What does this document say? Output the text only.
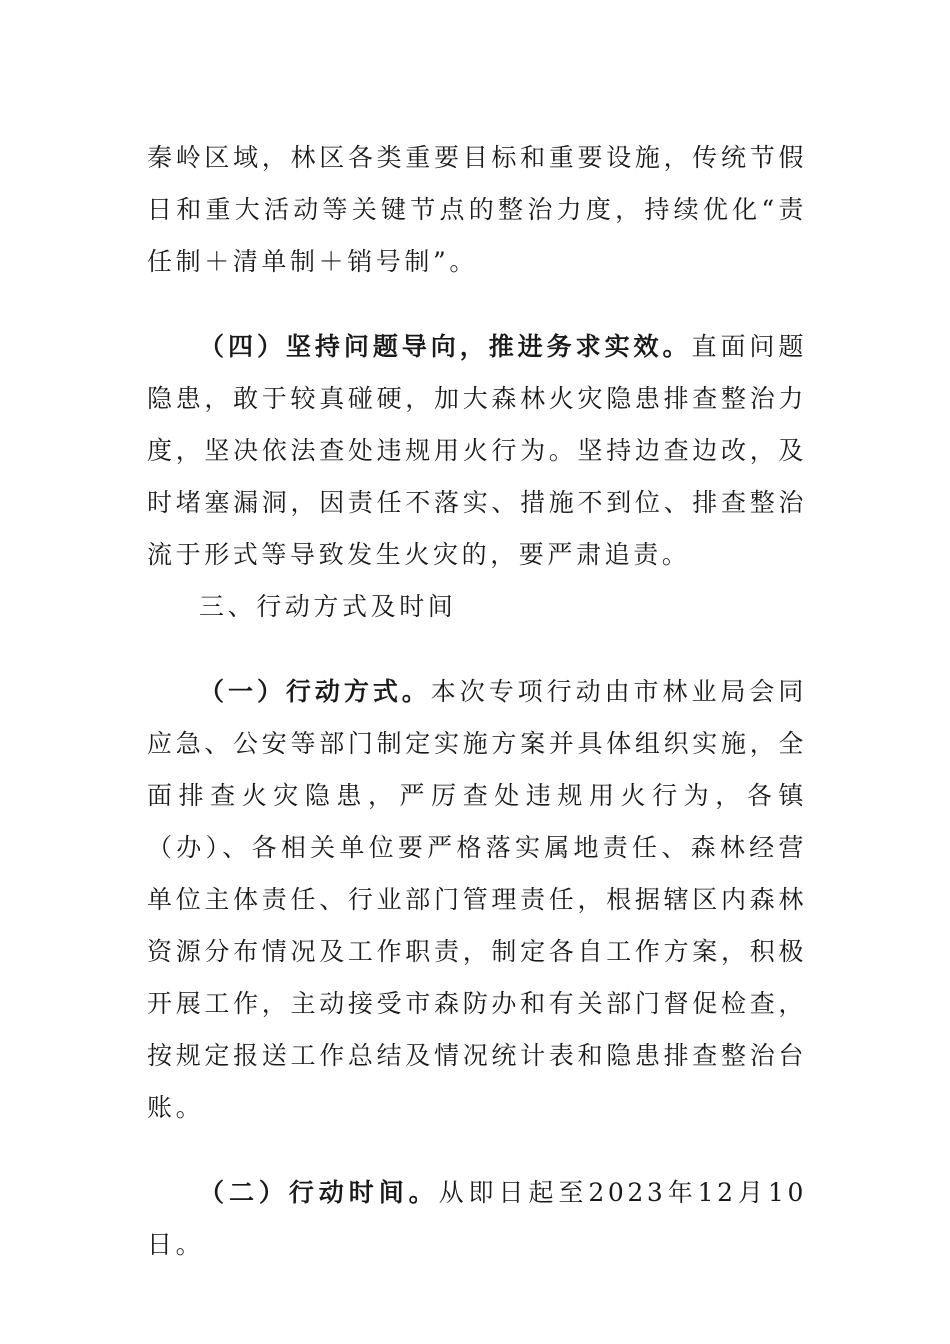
秦岭区域，林区各类重要目标和重要设施，传统节假日和重大活动等关键节点的整治力度，持续优化“责任制＋清单制＋销号制”。

（四）坚持问题导向，推进务求实效。直面问题隐患，敢于较真碰硬，加大森林火灾隐患排查整治力度，坚决依法查处违规用火行为。坚持边查边改，及时堵塞漏洞，因责任不落实、措施不到位、排查整治流于形式等导致发生火灾的，要严肃追责。

三、行动方式及时间

（一）行动方式。本次专项行动由市林业局会同应急、公安等部门制定实施方案并具体组织实施，全面排查火灾隐患，严厉查处违规用火行为，各镇（办）、各相关单位要严格落实属地责任、森林经营单位主体责任、行业部门管理责任，根据辖区内森林资源分布情况及工作职责，制定各自工作方案，积极开展工作，主动接受市森防办和有关部门督促检查，按规定报送工作总结及情况统计表和隐患排查整治台账。

（二）行动时间。从即日起至2023年12月10日。
